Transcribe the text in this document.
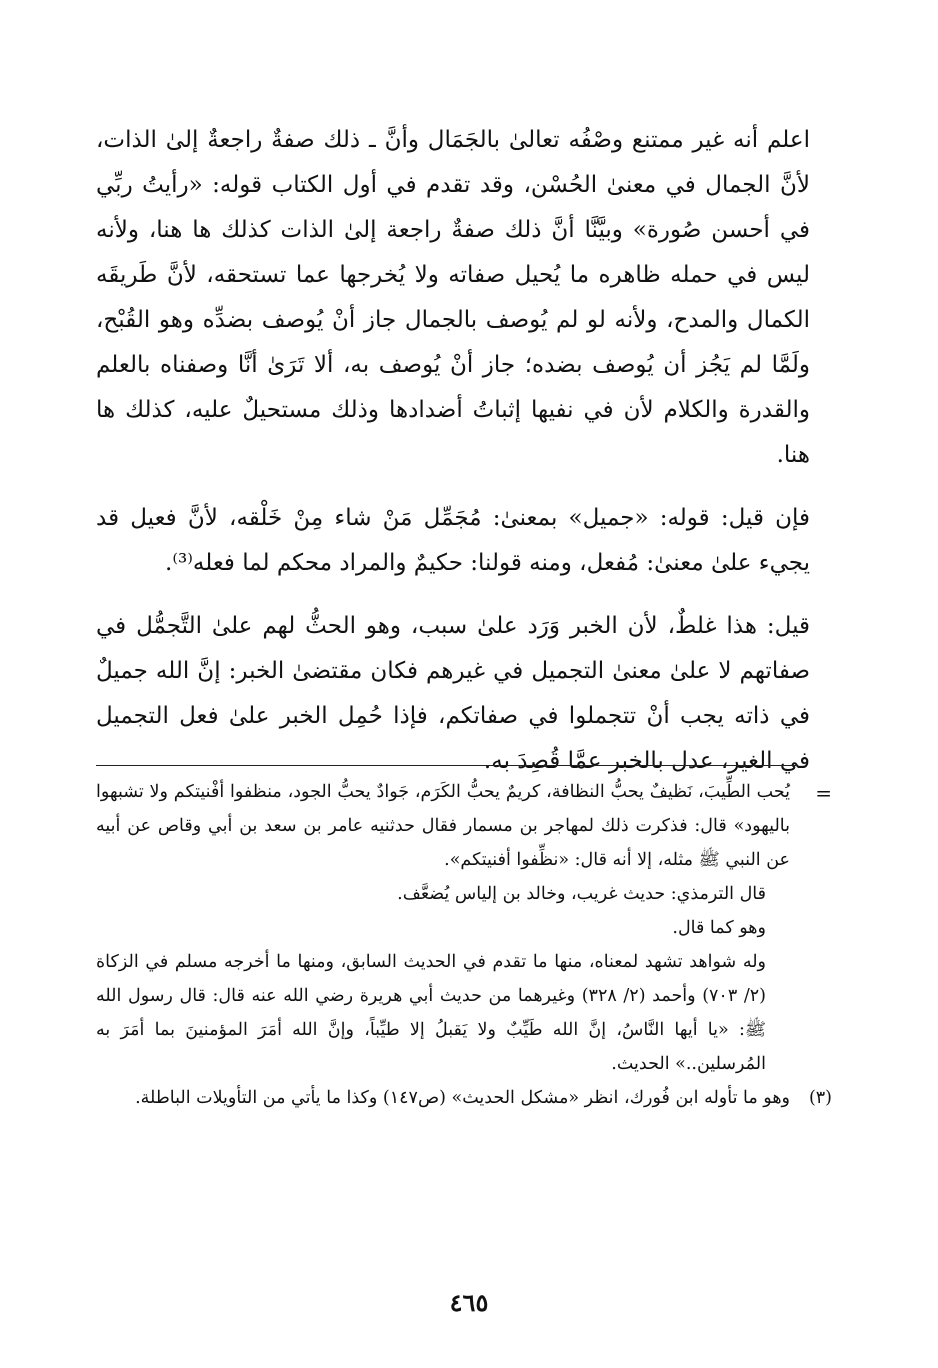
اعلم أنه غير ممتنع وصْفُه تعالىٰ بالجَمَال وأنَّ ـ ذلك صفةٌ راجعةٌ إلىٰ الذات، لأنَّ الجمال في معنىٰ الحُسْن، وقد تقدم في أول الكتاب قوله: «رأيتُ ربِّي في أحسن صُورة» وبيَّنَّا أنَّ ذلك صفةٌ راجعة إلىٰ الذات كذلك ها هنا، ولأنه ليس في حمله ظاهره ما يُحيل صفاته ولا يُخرجها عما تستحقه، لأنَّ طَريقَه الكمال والمدح، ولأنه لو لم يُوصف بالجمال جاز أنْ يُوصف بضدِّه وهو القُبْح، ولَمَّا لم يَجُز أن يُوصف بضده؛ جاز أنْ يُوصف به، ألا تَرَىٰ أنَّا وصفناه بالعلم والقدرة والكلام لأن في نفيها إثباتُ أضدادها وذلك مستحيلٌ عليه، كذلك ها هنا.

فإن قيل: قوله: «جميل» بمعنىٰ: مُجَمِّل مَنْ شاء مِنْ خَلْقه، لأنَّ فعيل قد يجيء علىٰ معنىٰ: مُفعل، ومنه قولنا: حكيمٌ والمراد محكم لما فعله⁽³⁾.

قيل: هذا غلطٌ، لأن الخبر وَرَد علىٰ سبب، وهو الحثُّ لهم علىٰ التَّجمُّل في صفاتهم لا علىٰ معنىٰ التجميل في غيرهم فكان مقتضىٰ الخبر: إنَّ الله جميلٌ في ذاته يجب أنْ تتجملوا في صفاتكم، فإذا حُمِل الخبر علىٰ فعل التجميل في الغير، عدل بالخبر عمَّا قُصِدَ به.

=

يُحب الطِّيبَ، نَظيفٌ يحبُّ النظافة، كريمٌ يحبُّ الكَرَم، جَوادٌ يحبُّ الجود، منظفوا أفْنيتكم ولا تشبهوا باليهود» قال: فذكرت ذلك لمهاجر بن مسمار فقال حدثنيه عامر بن سعد بن أبي وقاص عن أبيه عن النبي ﷺ مثله، إلا أنه قال: «نظِّفوا أفنيتكم».

قال الترمذي: حديث غريب، وخالد بن إلياس يُضعَّف.

وهو كما قال.

وله شواهد تشهد لمعناه، منها ما تقدم في الحديث السابق، ومنها ما أخرجه مسلم في الزكاة (٢/ ٧٠٣) وأحمد (٢/ ٣٢٨) وغيرهما من حديث أبي هريرة رضي الله عنه قال: قال رسول الله ﷺ: «يا أيها النَّاسُ، إنَّ الله طَيِّبٌ ولا يَقبلُ إلا طيِّباً، وإنَّ الله أمَرَ المؤمنينَ بما أمَرَ به المُرسلين..» الحديث.

(٣)
وهو ما تأوله ابن فُورك، انظر «مشكل الحديث» (ص١٤٧) وكذا ما يأتي من التأويلات الباطلة.

٤٦٥
